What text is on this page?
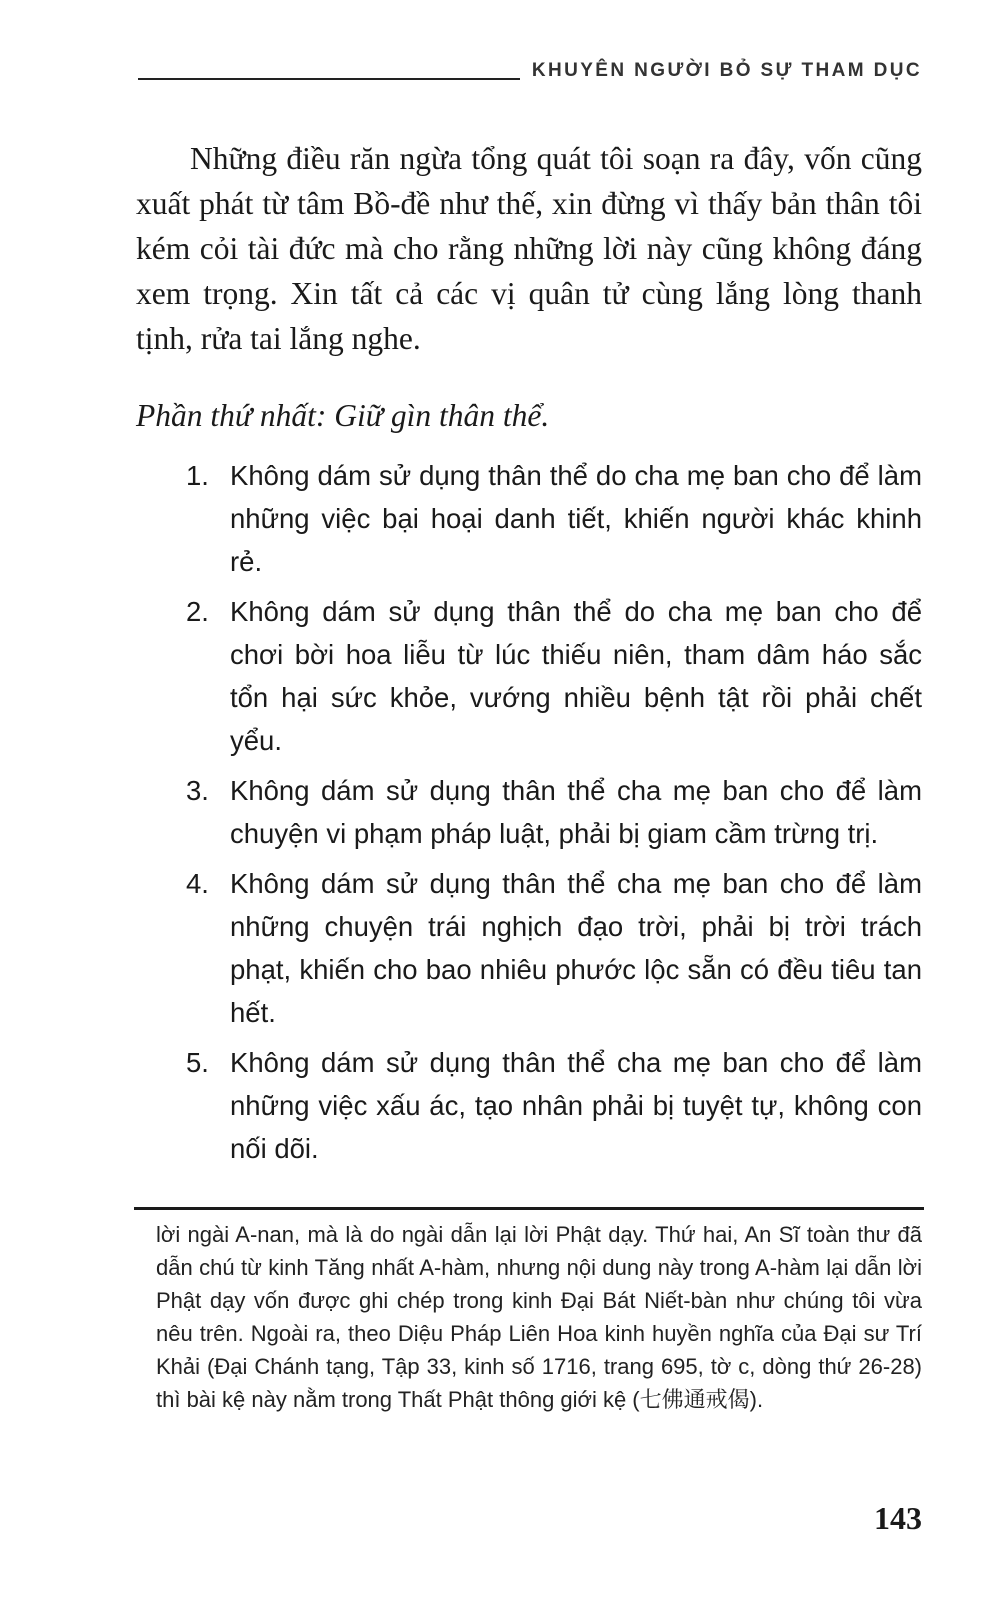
KHUYÊN NGƯỜI BỎ SỰ THAM DỤC

Những điều răn ngừa tổng quát tôi soạn ra đây, vốn cũng xuất phát từ tâm Bồ-đề như thế, xin đừng vì thấy bản thân tôi kém cỏi tài đức mà cho rằng những lời này cũng không đáng xem trọng. Xin tất cả các vị quân tử cùng lắng lòng thanh tịnh, rửa tai lắng nghe.

Phần thứ nhất: Giữ gìn thân thể.

1. Không dám sử dụng thân thể do cha mẹ ban cho để làm những việc bại hoại danh tiết, khiến người khác khinh rẻ.
2. Không dám sử dụng thân thể do cha mẹ ban cho để chơi bời hoa liễu từ lúc thiếu niên, tham dâm háo sắc tổn hại sức khỏe, vướng nhiều bệnh tật rồi phải chết yểu.
3. Không dám sử dụng thân thể cha mẹ ban cho để làm chuyện vi phạm pháp luật, phải bị giam cầm trừng trị.
4. Không dám sử dụng thân thể cha mẹ ban cho để làm những chuyện trái nghịch đạo trời, phải bị trời trách phạt, khiến cho bao nhiêu phước lộc sẵn có đều tiêu tan hết.
5. Không dám sử dụng thân thể cha mẹ ban cho để làm những việc xấu ác, tạo nhân phải bị tuyệt tự, không con nối dõi.

lời ngài A-nan, mà là do ngài dẫn lại lời Phật dạy. Thứ hai, An Sĩ toàn thư đã dẫn chú từ kinh Tăng nhất A-hàm, nhưng nội dung này trong A-hàm lại dẫn lời Phật dạy vốn được ghi chép trong kinh Đại Bát Niết-bàn như chúng tôi vừa nêu trên. Ngoài ra, theo Diệu Pháp Liên Hoa kinh huyền nghĩa của Đại sư Trí Khải (Đại Chánh tạng, Tập 33, kinh số 1716, trang 695, tờ c, dòng thứ 26-28) thì bài kệ này nằm trong Thất Phật thông giới kệ (七佛通戒偈).

143
